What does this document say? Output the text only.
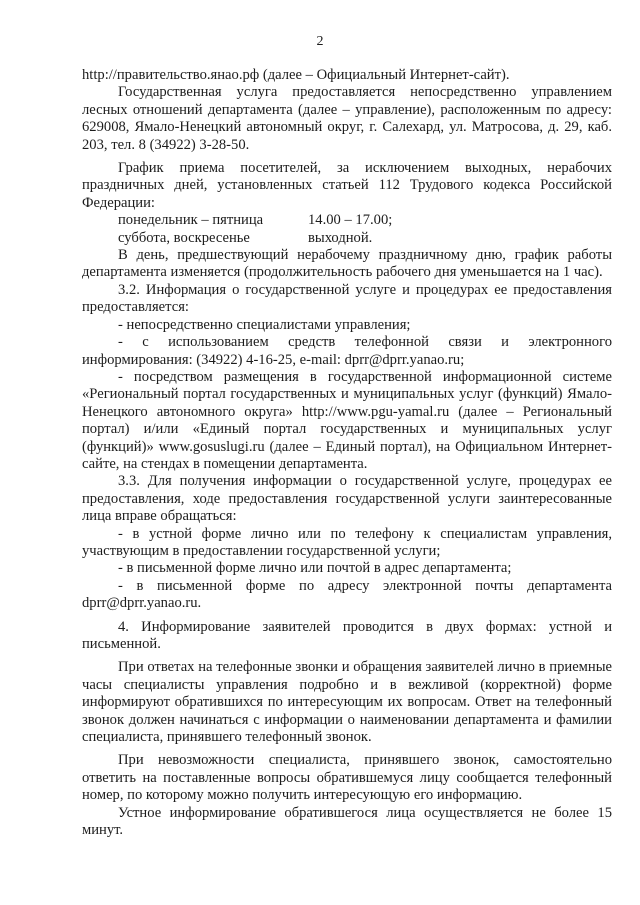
2

http://правительство.янао.рф (далее – Официальный Интернет-сайт).

Государственная услуга предоставляется непосредственно управлением лесных отношений департамента (далее – управление), расположенным по адресу: 629008, Ямало-Ненецкий автономный округ, г. Салехард, ул. Матросова, д. 29, каб. 203, тел. 8 (34922) 3-28-50.

График приема посетителей, за исключением выходных, нерабочих праздничных дней, установленных статьей 112 Трудового кодекса Российской Федерации:

понедельник – пятница	14.00 – 17.00;
суббота, воскресенье	выходной.

В день, предшествующий нерабочему праздничному дню, график работы департамента изменяется (продолжительность рабочего дня уменьшается на 1 час).

3.2. Информация о государственной услуге и процедурах ее предоставления предоставляется:

- непосредственно специалистами управления;

- с использованием средств телефонной связи и электронного информирования: (34922) 4-16-25, e-mail: dprr@dprr.yanao.ru;

- посредством размещения в государственной информационной системе «Региональный портал государственных и муниципальных услуг (функций) Ямало-Ненецкого автономного округа» http://www.pgu-yamal.ru (далее – Региональный портал) и/или «Единый портал государственных и муниципальных услуг (функций)» www.gosuslugi.ru (далее – Единый портал), на Официальном Интернет-сайте, на стендах в помещении департамента.

3.3. Для получения информации о государственной услуге, процедурах ее предоставления, ходе предоставления государственной услуги заинтересованные лица вправе обращаться:

- в устной форме лично или по телефону к специалистам управления, участвующим в предоставлении государственной услуги;

- в письменной форме лично или почтой в адрес департамента;

- в письменной форме по адресу электронной почты департамента dprr@dprr.yanao.ru.

4. Информирование заявителей проводится в двух формах: устной и письменной.

При ответах на телефонные звонки и обращения заявителей лично в приемные часы специалисты управления подробно и в вежливой (корректной) форме информируют обратившихся по интересующим их вопросам. Ответ на телефонный звонок должен начинаться с информации о наименовании департамента и фамилии специалиста, принявшего телефонный звонок.

При невозможности специалиста, принявшего звонок, самостоятельно ответить на поставленные вопросы обратившемуся лицу сообщается телефонный номер, по которому можно получить интересующую его информацию.

Устное информирование обратившегося лица осуществляется не более 15 минут.
